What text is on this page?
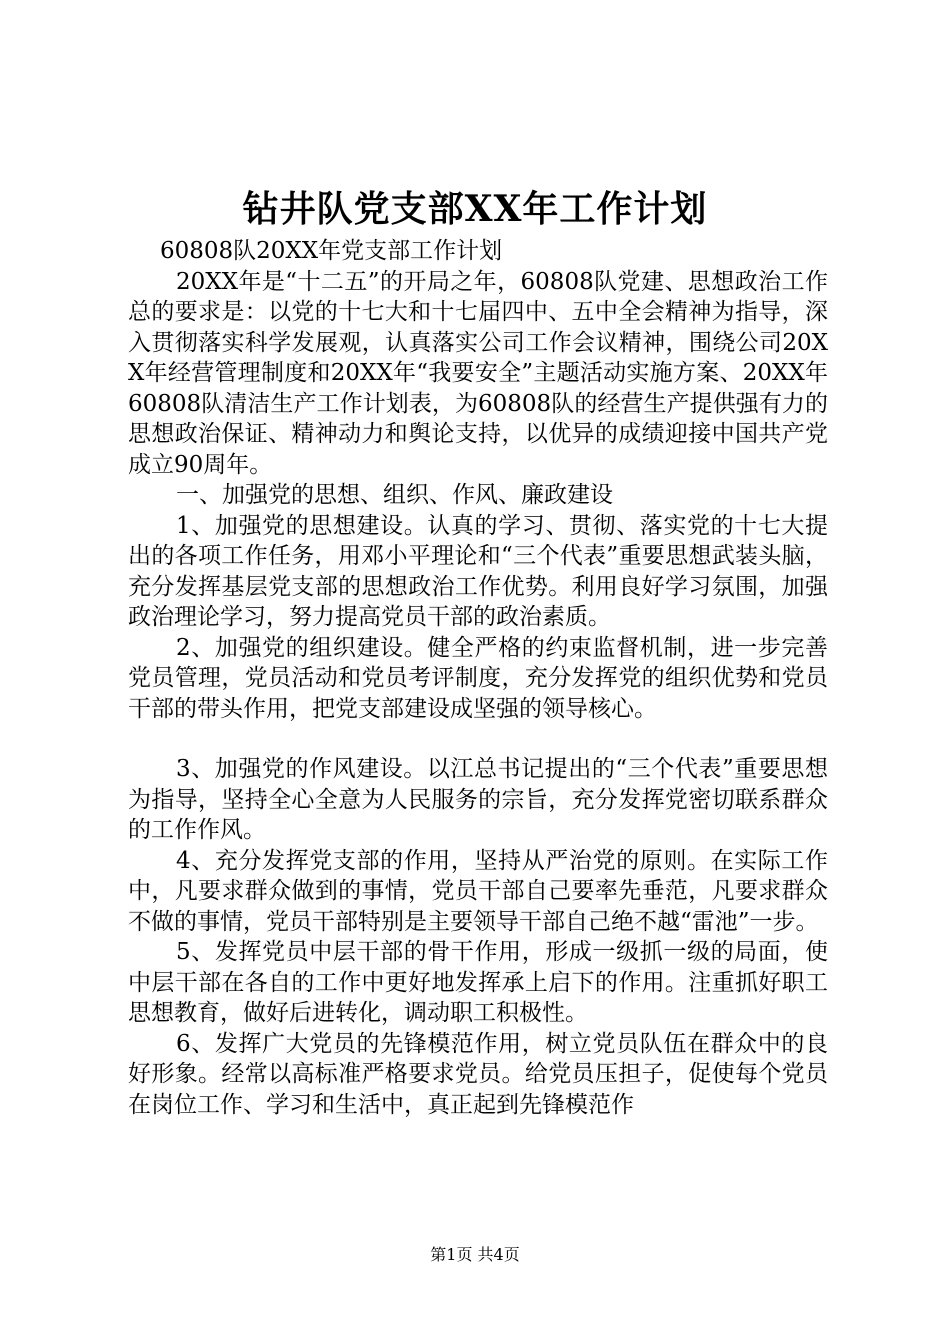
钻井队党支部XX年工作计划

60808队20XX年党支部工作计划

20XX年是“十二五”的开局之年，60808队党建、思想政治工作总的要求是：以党的十七大和十七届四中、五中全会精神为指导，深入贯彻落实科学发展观，认真落实公司工作会议精神，围绕公司20XX年经营管理制度和20XX年“我要安全”主题活动实施方案、20XX年60808队清洁生产工作计划表，为60808队的经营生产提供强有力的思想政治保证、精神动力和舆论支持，以优异的成绩迎接中国共产党成立90周年。

一、加强党的思想、组织、作风、廉政建设

1、加强党的思想建设。认真的学习、贯彻、落实党的十七大提出的各项工作任务，用邓小平理论和“三个代表”重要思想武装头脑，充分发挥基层党支部的思想政治工作优势。利用良好学习氛围，加强政治理论学习，努力提高党员干部的政治素质。

2、加强党的组织建设。健全严格的约束监督机制，进一步完善党员管理，党员活动和党员考评制度，充分发挥党的组织优势和党员干部的带头作用，把党支部建设成坚强的领导核心。

3、加强党的作风建设。以江总书记提出的“三个代表”重要思想为指导，坚持全心全意为人民服务的宗旨，充分发挥党密切联系群众的工作作风。

4、充分发挥党支部的作用，坚持从严治党的原则。在实际工作中，凡要求群众做到的事情，党员干部自己要率先垂范，凡要求群众不做的事情，党员干部特别是主要领导干部自己绝不越“雷池”一步。

5、发挥党员中层干部的骨干作用，形成一级抓一级的局面，使中层干部在各自的工作中更好地发挥承上启下的作用。注重抓好职工思想教育，做好后进转化，调动职工积极性。

6、发挥广大党员的先锋模范作用，树立党员队伍在群众中的良好形象。经常以高标准严格要求党员。给党员压担子，促使每个党员在岗位工作、学习和生活中，真正起到先锋模范作

第1页 共4页
